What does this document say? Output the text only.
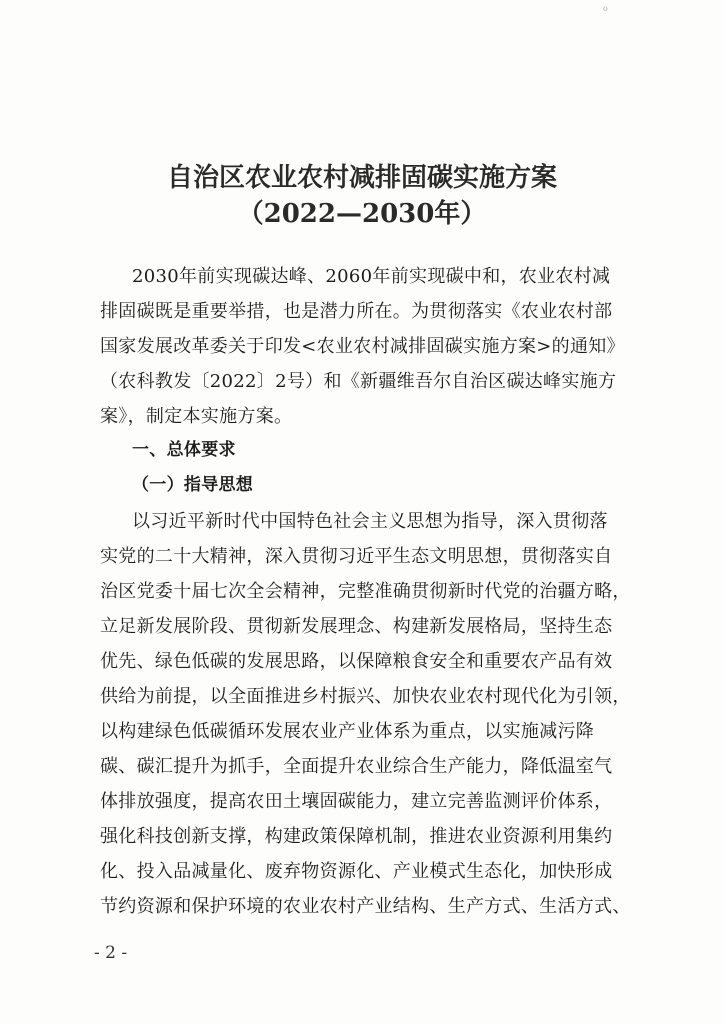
o
自治区农业农村减排固碳实施方案
（2022—2030年）
2030年前实现碳达峰、2060年前实现碳中和，农业农村减
排固碳既是重要举措，也是潜力所在。为贯彻落实《农业农村部
国家发展改革委关于印发<农业农村减排固碳实施方案>的通知》
（农科教发〔2022〕2号）和《新疆维吾尔自治区碳达峰实施方
案》，制定本实施方案。
一、总体要求
（一）指导思想
以习近平新时代中国特色社会主义思想为指导，深入贯彻落
实党的二十大精神，深入贯彻习近平生态文明思想，贯彻落实自
治区党委十届七次全会精神，完整准确贯彻新时代党的治疆方略，
立足新发展阶段、贯彻新发展理念、构建新发展格局，坚持生态
优先、绿色低碳的发展思路，以保障粮食安全和重要农产品有效
供给为前提，以全面推进乡村振兴、加快农业农村现代化为引领，
以构建绿色低碳循环发展农业产业体系为重点，以实施减污降
碳、碳汇提升为抓手，全面提升农业综合生产能力，降低温室气
体排放强度，提高农田土壤固碳能力，建立完善监测评价体系，
强化科技创新支撑，构建政策保障机制，推进农业资源利用集约
化、投入品减量化、废弃物资源化、产业模式生态化，加快形成
节约资源和保护环境的农业农村产业结构、生产方式、生活方式、
- 2 -
